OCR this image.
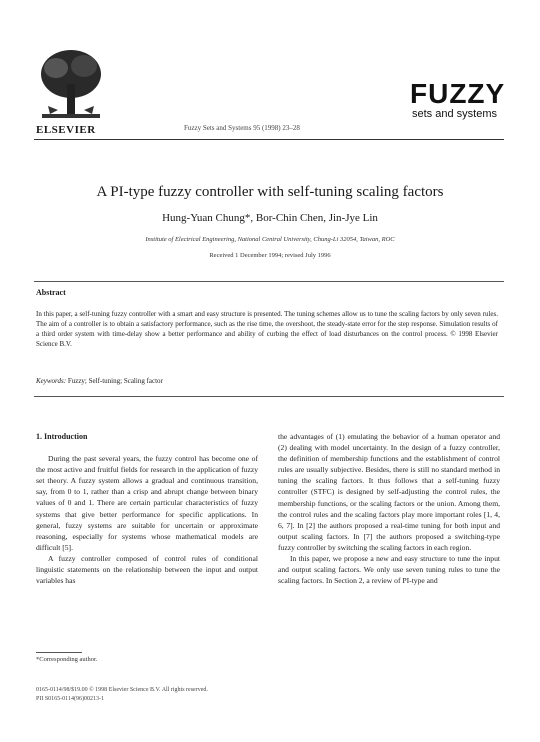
ELSEVIER	Fuzzy Sets and Systems 95 (1998) 23–28
FUZZY
sets and systems
A PI-type fuzzy controller with self-tuning scaling factors
Hung-Yuan Chung*, Bor-Chin Chen, Jin-Jye Lin
Institute of Electrical Engineering, National Central University, Chung-Li 32054, Taiwan, ROC
Received 1 December 1994; revised July 1996
Abstract
In this paper, a self-tuning fuzzy controller with a smart and easy structure is presented. The tuning schemes allow us to tune the scaling factors by only seven rules. The aim of a controller is to obtain a satisfactory performance, such as the rise time, the overshoot, the steady-state error for the step response. Simulation results of a third order system with time-delay show a better performance and ability of curbing the effect of load disturbances on the control process. © 1998 Elsevier Science B.V.
Keywords: Fuzzy; Self-tuning; Scaling factor
1. Introduction

During the past several years, the fuzzy control has become one of the most active and fruitful fields for research in the application of fuzzy set theory. A fuzzy system allows a gradual and continuous transition, say, from 0 to 1, rather than a crisp and abrupt change between binary values of 0 and 1. There are certain particular characteristics of fuzzy systems that give better performance for specific applications. In general, fuzzy systems are suitable for uncertain or approximate reasoning, especially for systems whose mathematical models are difficult [5].

A fuzzy controller composed of control rules of conditional linguistic statements on the relationship between the input and output variables has

the advantages of (1) emulating the behavior of a human operator and (2) dealing with model uncertainty. In the design of a fuzzy controller, the definition of membership functions and the establishment of control rules are usually subjective. Besides, there is still no standard method in tuning the scaling factors. It thus follows that a self-tuning fuzzy controller (STFC) is designed by self-adjusting the control rules, the membership functions, or the scaling factors or the union. Among them, the control rules and the scaling factors play more important roles [1, 4, 6, 7]. In [2] the authors proposed a real-time tuning for both input and output scaling factors. In [7] the authors proposed a switching-type fuzzy controller by switching the scaling factors in each region.

In this paper, we propose a new and easy structure to tune the input and output scaling factors. We only use seven tuning rules to tune the scaling factors. In Section 2, a review of PI-type and

*Corresponding author.
0165-0114/98/$19.00 © 1998 Elsevier Science B.V. All rights reserved.
PII S0165-0114(96)00213-1
